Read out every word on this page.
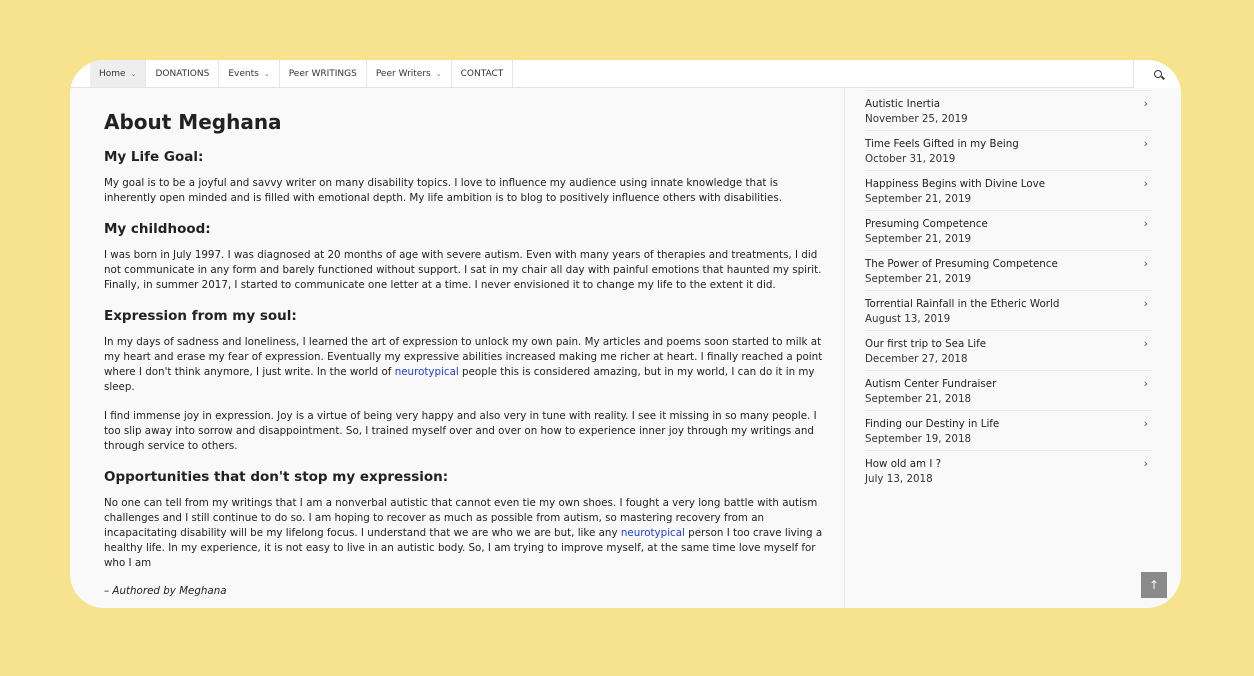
Home ⌄ DONATIONS Events ⌄ Peer WRITINGS Peer Writers ⌄ CONTACT
About Meghana
My Life Goal:

My goal is to be a joyful and savvy writer on many disability topics. I love to influence my audience using innate knowledge that is inherently open minded and is filled with emotional depth. My life ambition is to blog to positively influence others with disabilities.

My childhood:

I was born in July 1997. I was diagnosed at 20 months of age with severe autism. Even with many years of therapies and treatments, I did not communicate in any form and barely functioned without support. I sat in my chair all day with painful emotions that haunted my spirit. Finally, in summer 2017, I started to communicate one letter at a time. I never envisioned it to change my life to the extent it did.

Expression from my soul:

In my days of sadness and loneliness, I learned the art of expression to unlock my own pain. My articles and poems soon started to milk at my heart and erase my fear of expression. Eventually my expressive abilities increased making me richer at heart. I finally reached a point where I don't think anymore, I just write. In the world of neurotypical people this is considered amazing, but in my world, I can do it in my sleep.

I find immense joy in expression. Joy is a virtue of being very happy and also very in tune with reality. I see it missing in so many people. I too slip away into sorrow and disappointment. So, I trained myself over and over on how to experience inner joy through my writings and through service to others.

Opportunities that don't stop my expression:

No one can tell from my writings that I am a nonverbal autistic that cannot even tie my own shoes. I fought a very long battle with autism challenges and I still continue to do so. I am hoping to recover as much as possible from autism, so mastering recovery from an incapacitating disability will be my lifelong focus. I understand that we are who we are but, like any neurotypical person I too crave living a healthy life. In my experience, it is not easy to live in an autistic body. So, I am trying to improve myself, at the same time love myself for who I am

– Authored by Meghana
Autistic Inertia
November 25, 2019
›
Time Feels Gifted in my Being
October 31, 2019
›
Happiness Begins with Divine Love
September 21, 2019
›
Presuming Competence
September 21, 2019
›
The Power of Presuming Competence
September 21, 2019
›
Torrential Rainfall in the Etheric World
August 13, 2019
›
Our first trip to Sea Life
December 27, 2018
›
Autism Center Fundraiser
September 21, 2018
›
Finding our Destiny in Life
September 19, 2018
›
How old am I ?
July 13, 2018
›
↑
